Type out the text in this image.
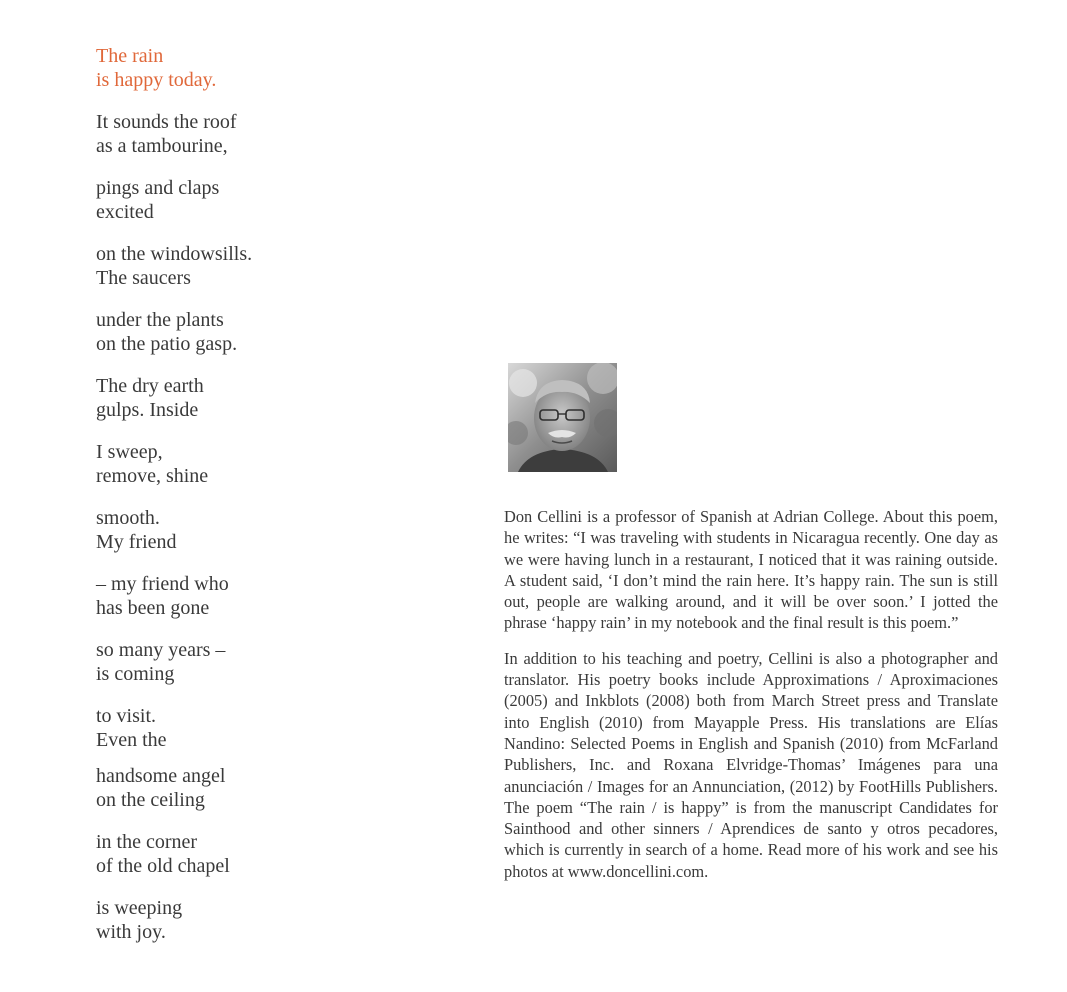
The rain
is happy today.
It sounds the roof
as a tambourine,
pings and claps
excited
on the windowsills.
The saucers
under the plants
on the patio gasp.
The dry earth
gulps. Inside
I sweep,
remove, shine
smooth.
My friend
– my friend who
has been gone
so many years –
is coming
to visit.
Even the
handsome angel
on the ceiling
in the corner
of the old chapel
is weeping
with joy.

Don Cellini is a professor of Spanish at Adrian College. About this poem, he writes: “I was traveling with students in Nicaragua recently. One day as we were having lunch in a restaurant, I noticed that it was raining outside. A student said, ‘I don’t mind the rain here. It’s happy rain. The sun is still out, people are walking around, and it will be over soon.’ I jotted the phrase ‘happy rain’ in my notebook and the final result is this poem.”

In addition to his teaching and poetry, Cellini is also a photographer and translator. His poetry books include Approximations / Aproximaciones (2005) and Inkblots (2008) both from March Street press and Translate into English (2010) from Mayapple Press. His translations are Elías Nandino: Selected Poems in English and Spanish (2010) from McFarland Publishers, Inc. and Roxana Elvridge-Thomas’ Imágenes para una anunciación / Images for an Annunciation, (2012) by FootHills Publishers. The poem “The rain / is happy” is from the manuscript Candidates for Sainthood and other sinners / Aprendices de santo y otros pecadores, which is currently in search of a home. Read more of his work and see his photos at www.doncellini.com.
